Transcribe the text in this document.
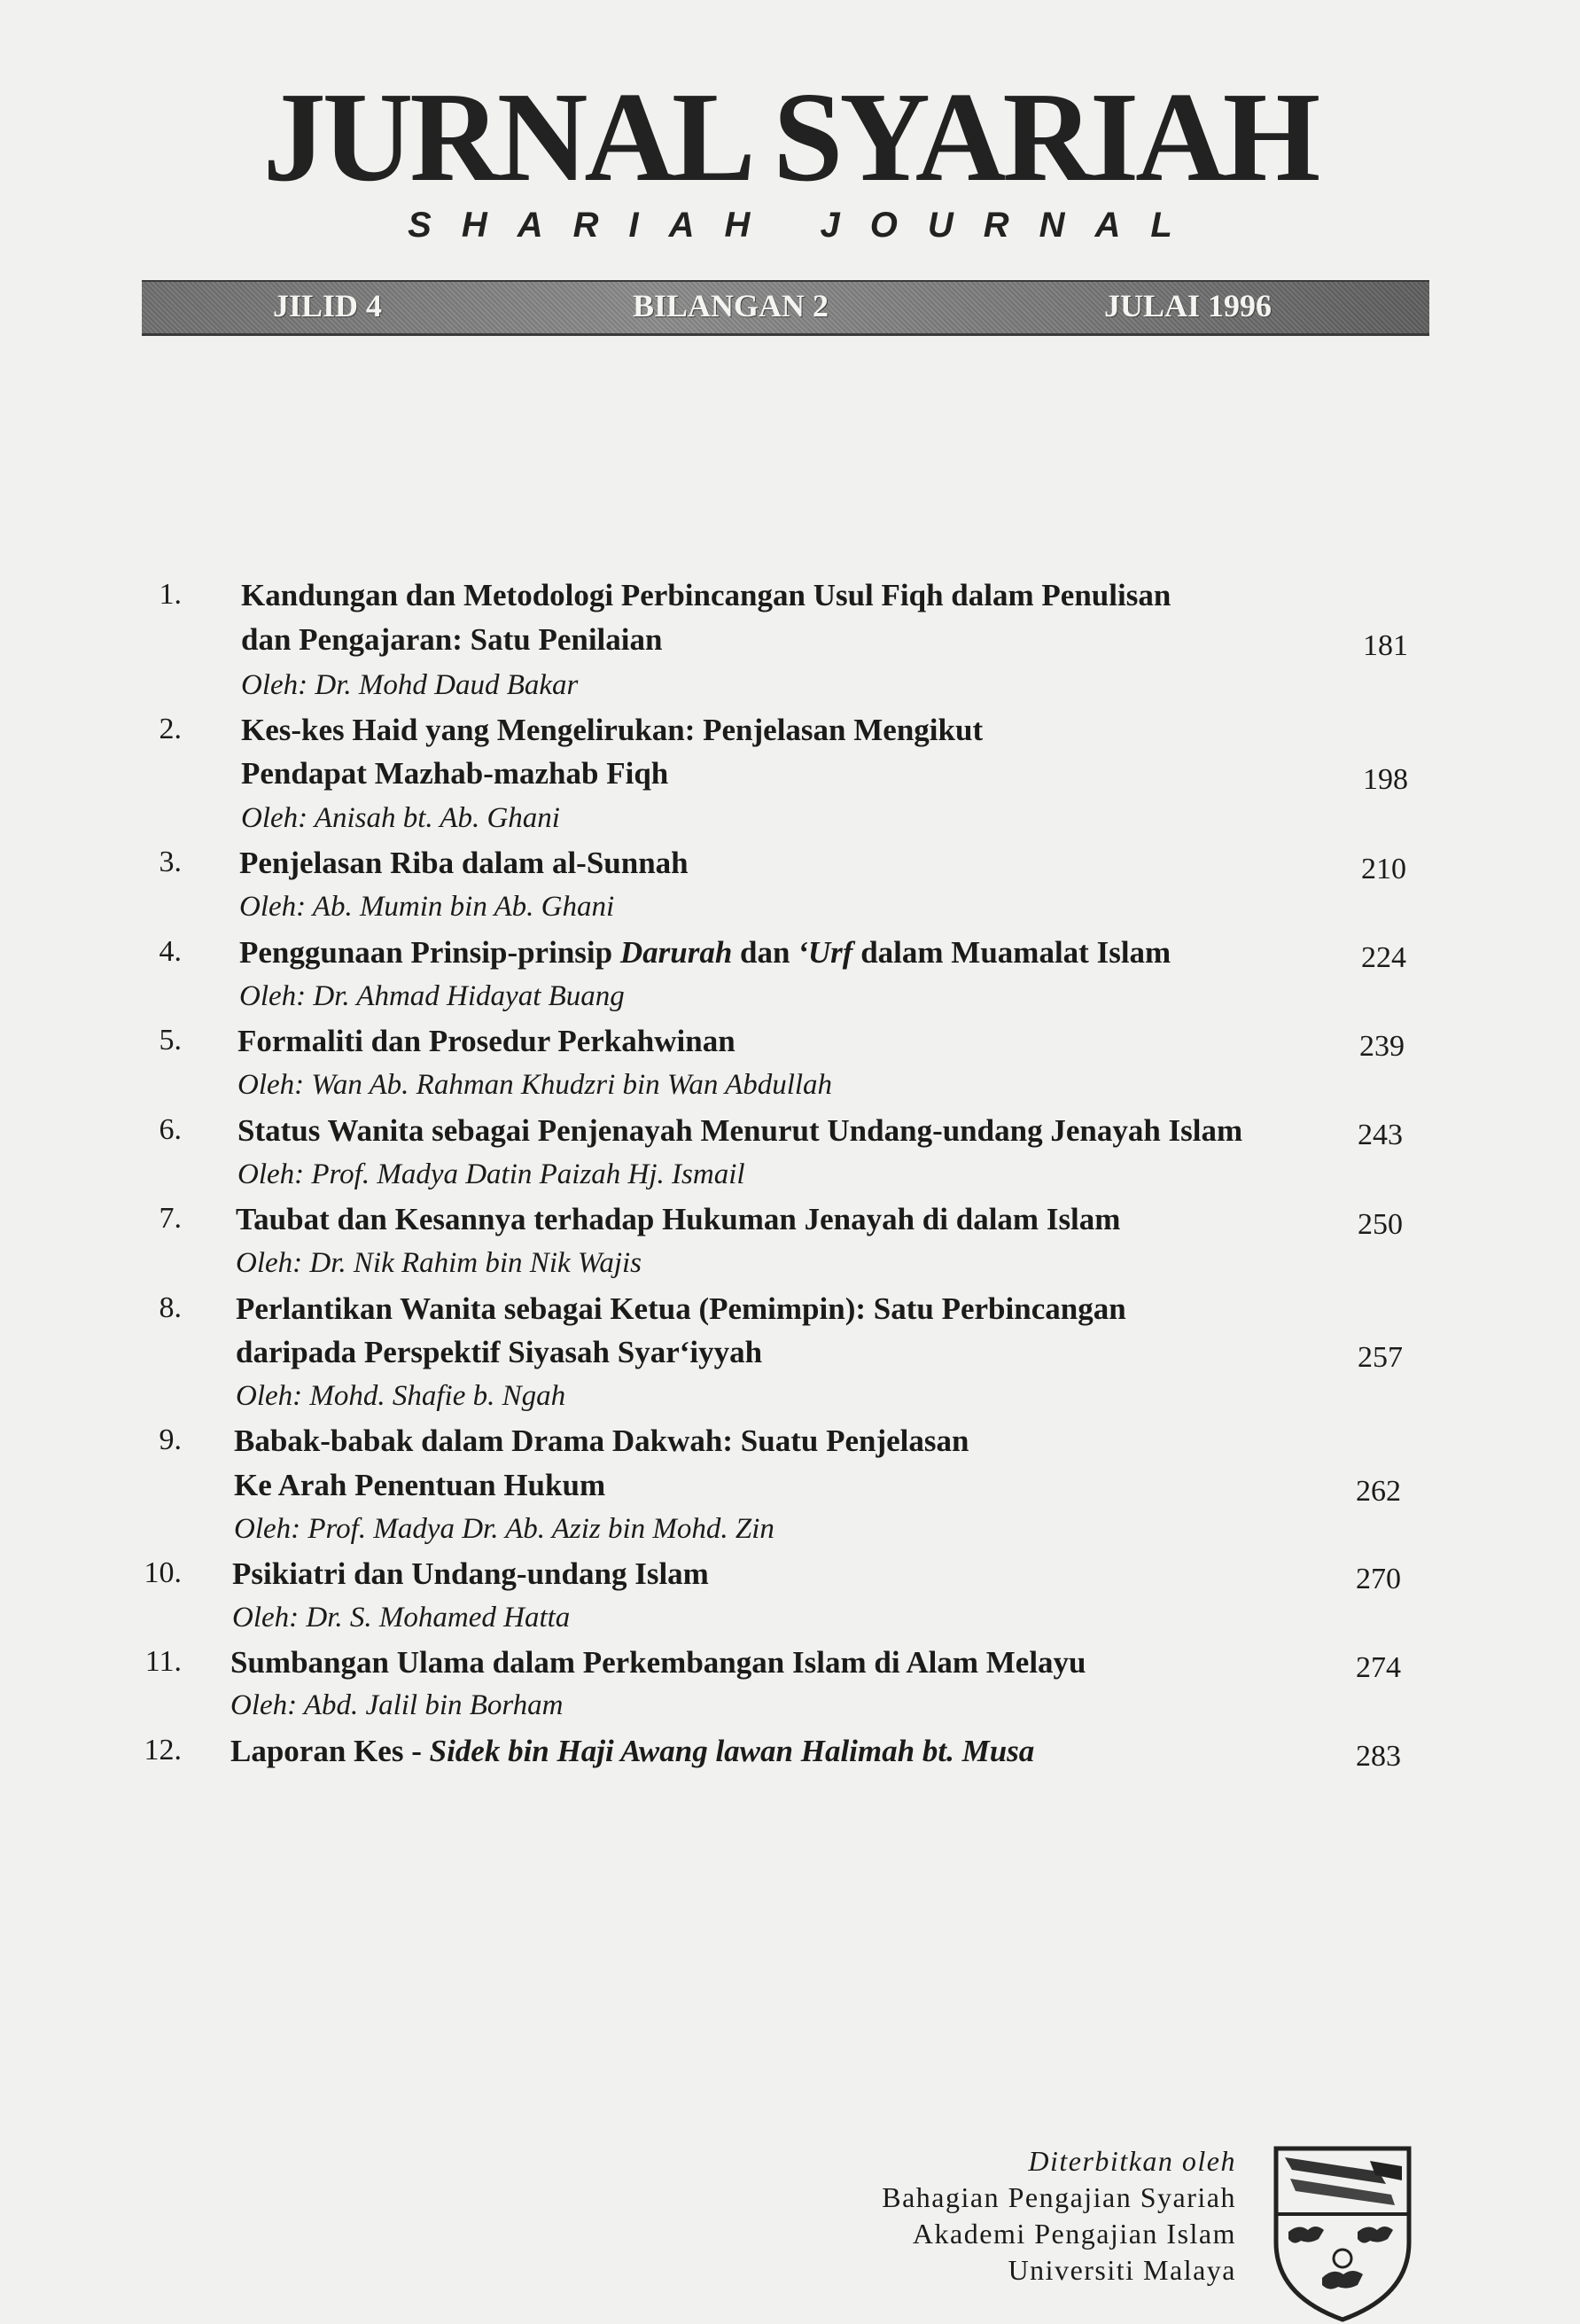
JURNAL SYARIAH
SHARIAH JOURNAL
JILID 4	BILANGAN 2	JULAI 1996
1. Kandungan dan Metodologi Perbincangan Usul Fiqh dalam Penulisan
dan Pengajaran: Satu Penilaian	181
Oleh: Dr. Mohd Daud Bakar
2. Kes-kes Haid yang Mengelirukan: Penjelasan Mengikut
Pendapat Mazhab-mazhab Fiqh	198
Oleh: Anisah bt. Ab. Ghani
3. Penjelasan Riba dalam al-Sunnah	210
Oleh: Ab. Mumin bin Ab. Ghani
4. Penggunaan Prinsip-prinsip Darurah dan ‘Urf dalam Muamalat Islam	224
Oleh: Dr. Ahmad Hidayat Buang
5. Formaliti dan Prosedur Perkahwinan	239
Oleh: Wan Ab. Rahman Khudzri bin Wan Abdullah
6. Status Wanita sebagai Penjenayah Menurut Undang-undang Jenayah Islam	243
Oleh: Prof. Madya Datin Paizah Hj. Ismail
7. Taubat dan Kesannya terhadap Hukuman Jenayah di dalam Islam	250
Oleh: Dr. Nik Rahim bin Nik Wajis
8. Perlantikan Wanita sebagai Ketua (Pemimpin): Satu Perbincangan
daripada Perspektif Siyasah Syar‘iyyah	257
Oleh: Mohd. Shafie b. Ngah
9. Babak-babak dalam Drama Dakwah: Suatu Penjelasan
Ke Arah Penentuan Hukum	262
Oleh: Prof. Madya Dr. Ab. Aziz bin Mohd. Zin
10. Psikiatri dan Undang-undang Islam	270
Oleh: Dr. S. Mohamed Hatta
11. Sumbangan Ulama dalam Perkembangan Islam di Alam Melayu	274
Oleh: Abd. Jalil bin Borham
12. Laporan Kes - Sidek bin Haji Awang lawan Halimah bt. Musa	283
Diterbitkan oleh
Bahagian Pengajian Syariah
Akademi Pengajian Islam
Universiti Malaya
